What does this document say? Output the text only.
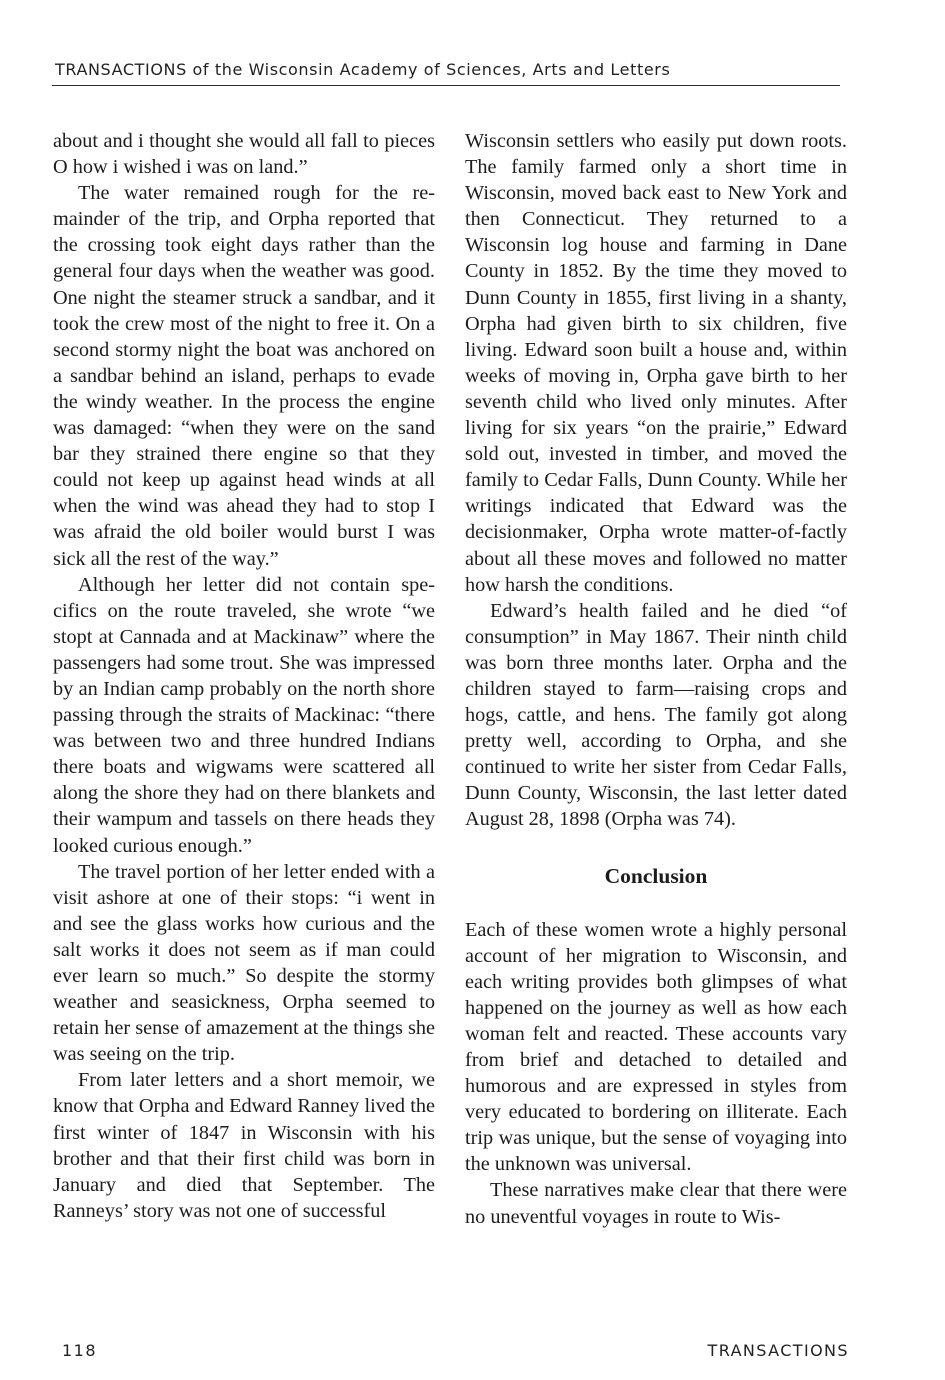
TRANSACTIONS of the Wisconsin Academy of Sciences, Arts and Letters

about and i thought she would all fall to pieces O how i wished i was on land.”

The water remained rough for the remainder of the trip, and Orpha reported that the crossing took eight days rather than the general four days when the weather was good. One night the steamer struck a sandbar, and it took the crew most of the night to free it. On a second stormy night the boat was anchored on a sandbar behind an island, perhaps to evade the windy weather. In the process the engine was damaged: “when they were on the sand bar they strained there engine so that they could not keep up against head winds at all when the wind was ahead they had to stop I was afraid the old boiler would burst I was sick all the rest of the way.”

Although her letter did not contain specifics on the route traveled, she wrote “we stopt at Cannada and at Mackinaw” where the passengers had some trout. She was impressed by an Indian camp probably on the north shore passing through the straits of Mackinac: “there was between two and three hundred Indians there boats and wigwams were scattered all along the shore they had on there blankets and their wampum and tassels on there heads they looked curious enough.”

The travel portion of her letter ended with a visit ashore at one of their stops: “i went in and see the glass works how curious and the salt works it does not seem as if man could ever learn so much.” So despite the stormy weather and seasickness, Orpha seemed to retain her sense of amazement at the things she was seeing on the trip.

From later letters and a short memoir, we know that Orpha and Edward Ranney lived the first winter of 1847 in Wisconsin with his brother and that their first child was born in January and died that September. The Ranneys’ story was not one of successful

Wisconsin settlers who easily put down roots. The family farmed only a short time in Wisconsin, moved back east to New York and then Connecticut. They returned to a Wisconsin log house and farming in Dane County in 1852. By the time they moved to Dunn County in 1855, first living in a shanty, Orpha had given birth to six children, five living. Edward soon built a house and, within weeks of moving in, Orpha gave birth to her seventh child who lived only minutes. After living for six years “on the prairie,” Edward sold out, invested in timber, and moved the family to Cedar Falls, Dunn County. While her writings indicated that Edward was the decisionmaker, Orpha wrote matter-of-factly about all these moves and followed no matter how harsh the conditions.

Edward’s health failed and he died “of consumption” in May 1867. Their ninth child was born three months later. Orpha and the children stayed to farm—raising crops and hogs, cattle, and hens. The family got along pretty well, according to Orpha, and she continued to write her sister from Cedar Falls, Dunn County, Wisconsin, the last letter dated August 28, 1898 (Orpha was 74).

Conclusion

Each of these women wrote a highly personal account of her migration to Wisconsin, and each writing provides both glimpses of what happened on the journey as well as how each woman felt and reacted. These accounts vary from brief and detached to detailed and humorous and are expressed in styles from very educated to bordering on illiterate. Each trip was unique, but the sense of voyaging into the unknown was universal.

These narratives make clear that there were no uneventful voyages in route to Wis-

118	TRANSACTIONS
